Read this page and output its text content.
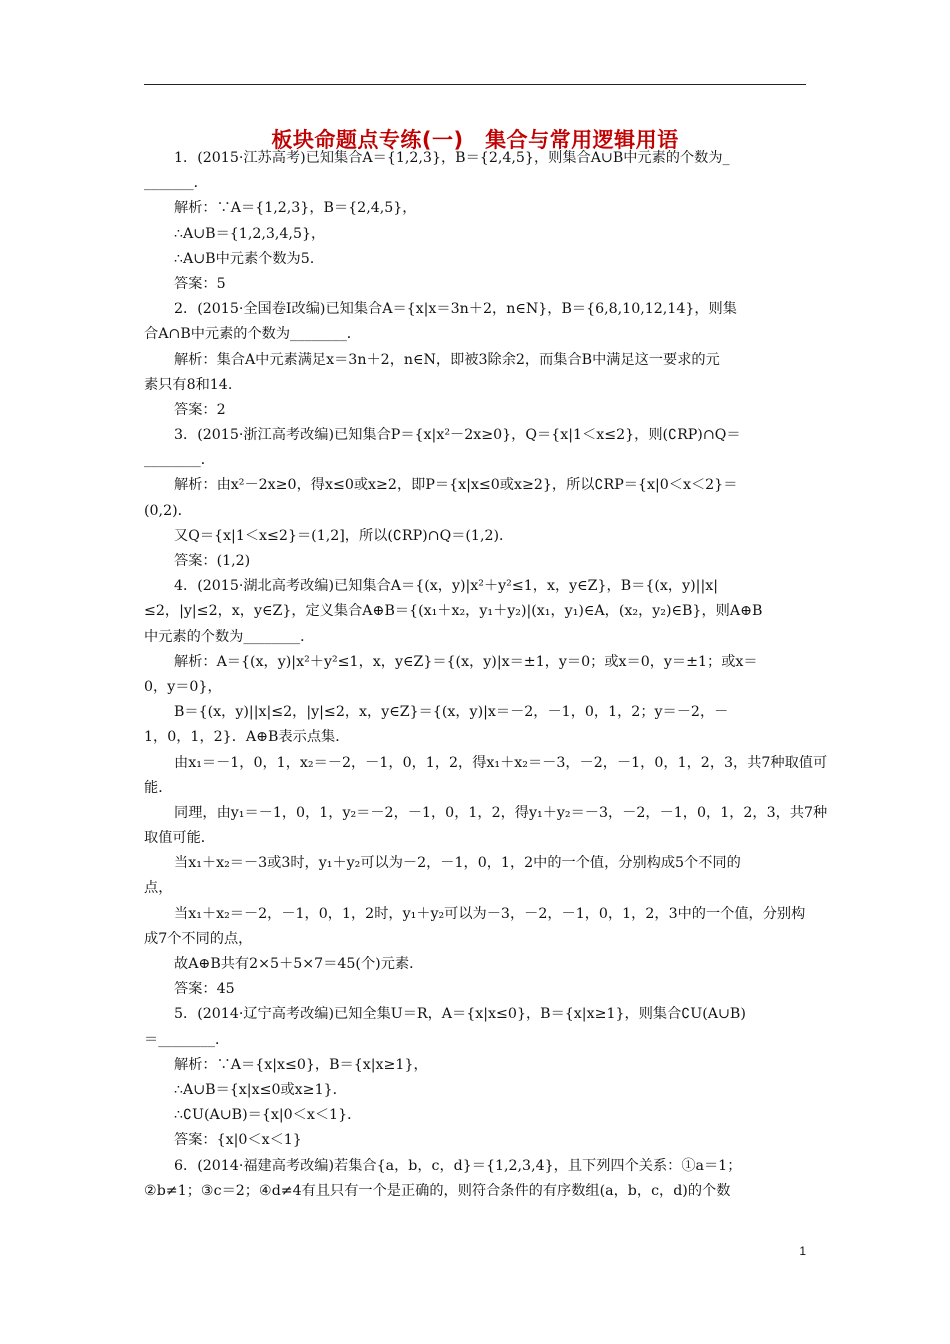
板块命题点专练(一)　集合与常用逻辑用语
1．(2015·江苏高考)已知集合A＝{1,2,3}，B＝{2,4,5}，则集合A∪B中元素的个数为_
_______．
解析：∵A＝{1,2,3}，B＝{2,4,5}，
∴A∪B＝{1,2,3,4,5}，
∴A∪B中元素个数为5.
答案：5
2．(2015·全国卷Ⅰ改编)已知集合A＝{x|x＝3n＋2，n∈N}，B＝{6,8,10,12,14}，则集
合A∩B中元素的个数为________．
解析：集合A中元素满足x＝3n＋2，n∈N，即被3除余2，而集合B中满足这一要求的元
素只有8和14.
答案：2
3．(2015·浙江高考改编)已知集合P＝{x|x²－2x≥0}，Q＝{x|1＜x≤2}，则(∁RP)∩Q＝
________．
解析：由x²－2x≥0，得x≤0或x≥2，即P＝{x|x≤0或x≥2}，所以∁RP＝{x|0＜x＜2}＝
(0,2)．
又Q＝{x|1＜x≤2}＝(1,2]，所以(∁RP)∩Q＝(1,2)．
答案：(1,2)
4．(2015·湖北高考改编)已知集合A＝{(x，y)|x²＋y²≤1，x，y∈Z}，B＝{(x，y)||x|
≤2，|y|≤2，x，y∈Z}，定义集合A⊕B＝{(x₁＋x₂，y₁＋y₂)|(x₁，y₁)∈A，(x₂，y₂)∈B}，则A⊕B
中元素的个数为________．
解析：A＝{(x，y)|x²＋y²≤1，x，y∈Z}＝{(x，y)|x＝±1，y＝0；或x＝0，y＝±1；或x＝
0，y＝0}，
B＝{(x，y)||x|≤2，|y|≤2，x，y∈Z}＝{(x，y)|x＝－2，－1，0，1，2；y＝－2，－
1，0，1，2}．A⊕B表示点集．
由x₁＝－1，0，1，x₂＝－2，－1，0，1，2，得x₁＋x₂＝－3，－2，－1，0，1，2，3，共7种取值可
能．
同理，由y₁＝－1，0，1，y₂＝－2，－1，0，1，2，得y₁＋y₂＝－3，－2，－1，0，1，2，3，共7种
取值可能．
当x₁＋x₂＝－3或3时，y₁＋y₂可以为－2，－1，0，1，2中的一个值，分别构成5个不同的
点，
当x₁＋x₂＝－2，－1，0，1，2时，y₁＋y₂可以为－3，－2，－1，0，1，2，3中的一个值，分别构
成7个不同的点，
故A⊕B共有2×5＋5×7＝45(个)元素．
答案：45
5．(2014·辽宁高考改编)已知全集U＝R，A＝{x|x≤0}，B＝{x|x≥1}，则集合∁U(A∪B)
＝________．
解析：∵A＝{x|x≤0}，B＝{x|x≥1}，
∴A∪B＝{x|x≤0或x≥1}．
∴∁U(A∪B)＝{x|0＜x＜1}．
答案：{x|0＜x＜1}
6．(2014·福建高考改编)若集合{a，b，c，d}＝{1,2,3,4}，且下列四个关系：①a＝1；
②b≠1；③c＝2；④d≠4有且只有一个是正确的，则符合条件的有序数组(a，b，c，d)的个数
1
